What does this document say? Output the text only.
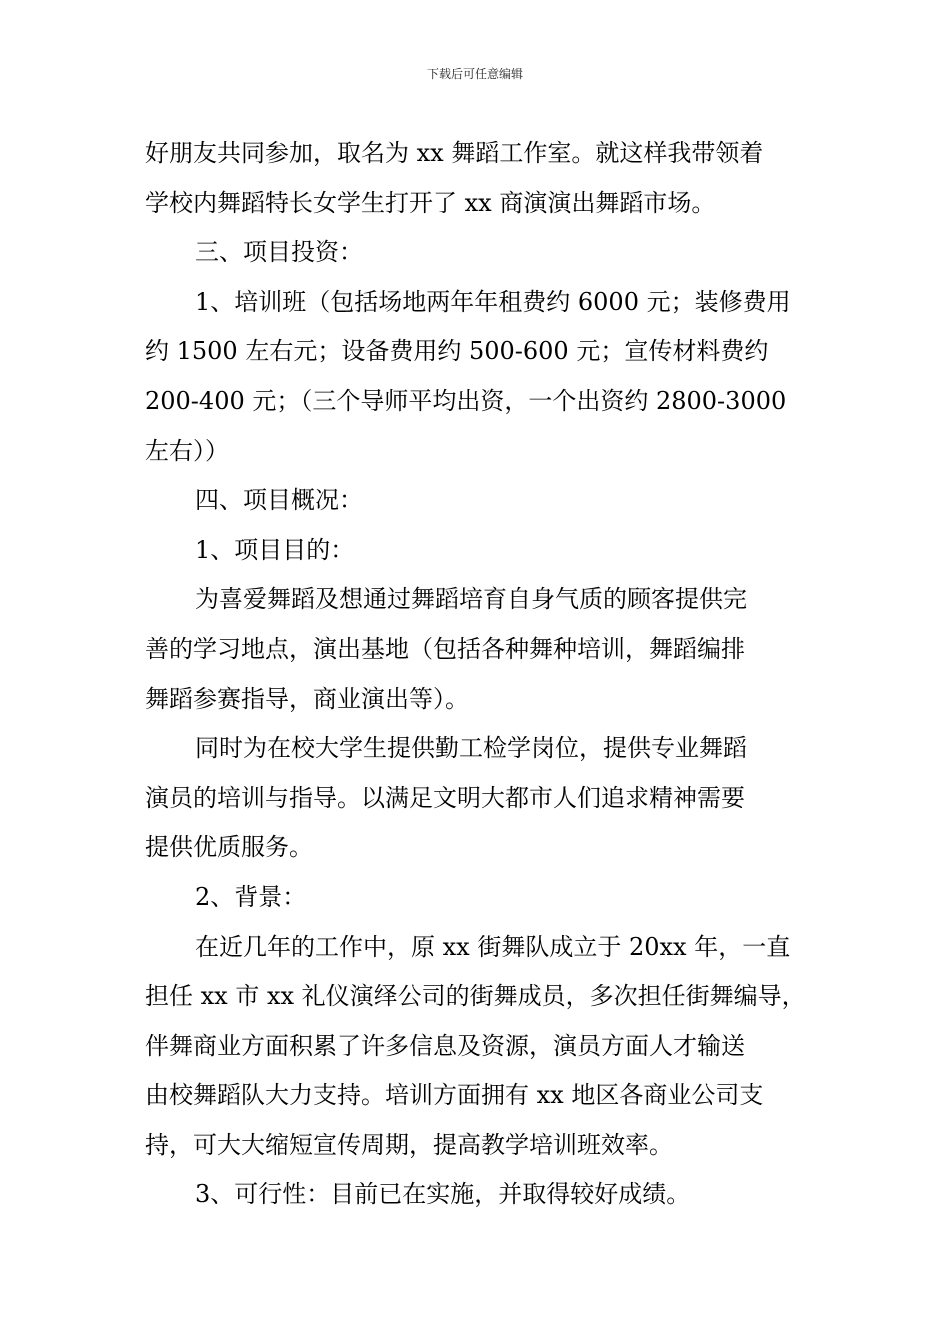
下载后可任意编辑
好朋友共同参加，取名为 xx 舞蹈工作室。就这样我带领着
学校内舞蹈特长女学生打开了 xx 商演演出舞蹈市场。
三、项目投资：
1、培训班（包括场地两年年租费约 6000 元；装修费用
约 1500 左右元；设备费用约 500-600 元；宣传材料费约
200-400 元；（三个导师平均出资，一个出资约 2800-3000
左右））
四、项目概况：
1、项目目的：
为喜爱舞蹈及想通过舞蹈培育自身气质的顾客提供完
善的学习地点，演出基地（包括各种舞种培训，舞蹈编排
舞蹈参赛指导，商业演出等）。
同时为在校大学生提供勤工检学岗位，提供专业舞蹈
演员的培训与指导。以满足文明大都市人们追求精神需要
提供优质服务。
2、背景：
在近几年的工作中，原 xx 街舞队成立于 20xx 年，一直
担任 xx 市 xx 礼仪演绎公司的街舞成员，多次担任街舞编导，
伴舞商业方面积累了许多信息及资源，演员方面人才输送
由校舞蹈队大力支持。培训方面拥有 xx 地区各商业公司支
持，可大大缩短宣传周期，提高教学培训班效率。
3、可行性：目前已在实施，并取得较好成绩。
